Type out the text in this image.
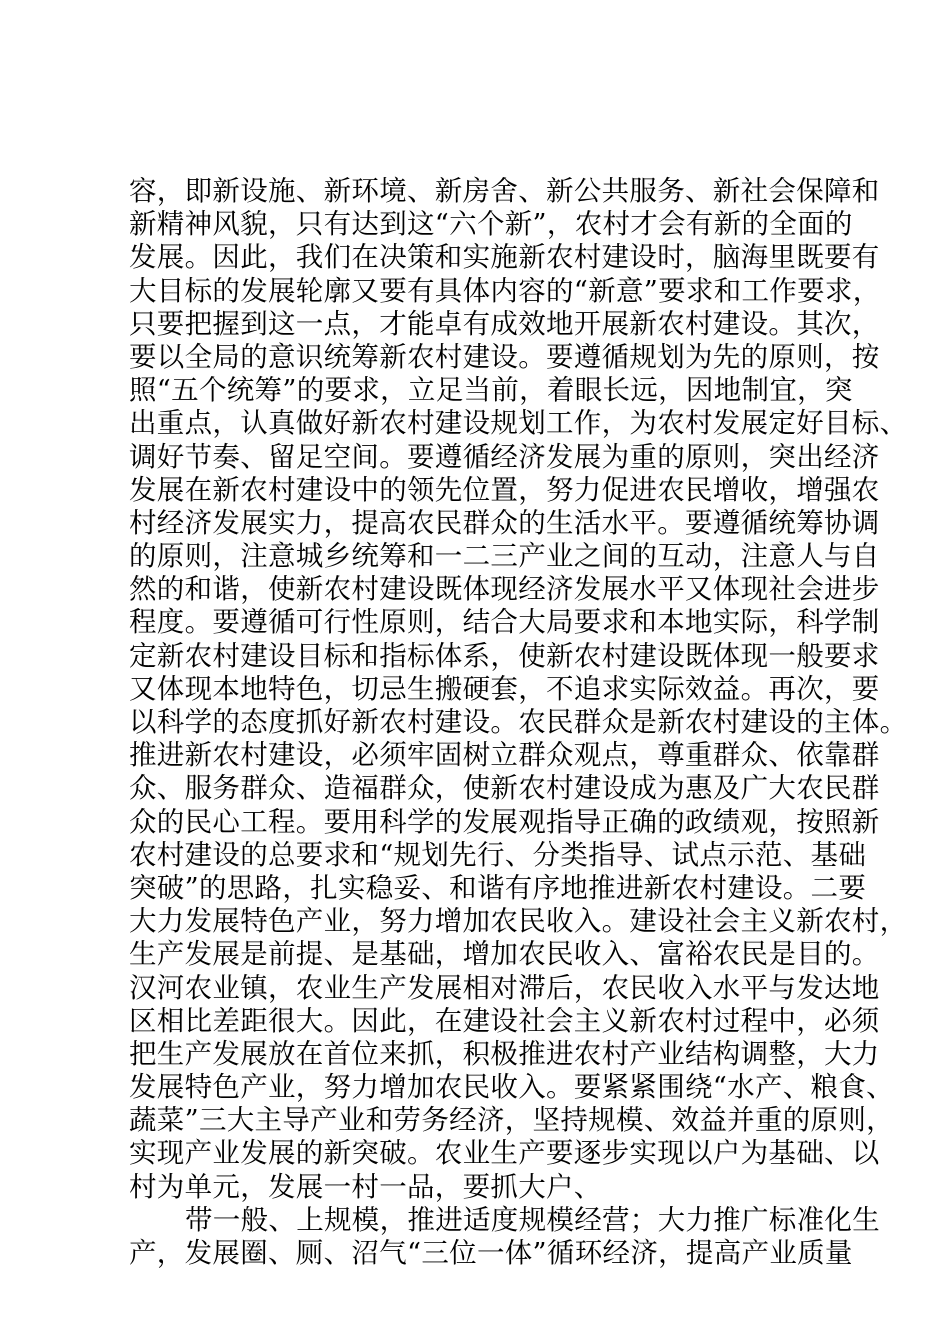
容，即新设施、新环境、新房舍、新公共服务、新社会保障和
新精神风貌，只有达到这“六个新”，农村才会有新的全面的
发展。因此，我们在决策和实施新农村建设时，脑海里既要有
大目标的发展轮廓又要有具体内容的“新意”要求和工作要求，
只要把握到这一点，才能卓有成效地开展新农村建设。其次，
要以全局的意识统筹新农村建设。要遵循规划为先的原则，按
照“五个统筹”的要求，立足当前，着眼长远，因地制宜，突
出重点，认真做好新农村建设规划工作，为农村发展定好目标、
调好节奏、留足空间。要遵循经济发展为重的原则，突出经济
发展在新农村建设中的领先位置，努力促进农民增收，增强农
村经济发展实力，提高农民群众的生活水平。要遵循统筹协调
的原则，注意城乡统筹和一二三产业之间的互动，注意人与自
然的和谐，使新农村建设既体现经济发展水平又体现社会进步
程度。要遵循可行性原则，结合大局要求和本地实际，科学制
定新农村建设目标和指标体系，使新农村建设既体现一般要求
又体现本地特色，切忌生搬硬套，不追求实际效益。再次，要
以科学的态度抓好新农村建设。农民群众是新农村建设的主体。
推进新农村建设，必须牢固树立群众观点，尊重群众、依靠群
众、服务群众、造福群众，使新农村建设成为惠及广大农民群
众的民心工程。要用科学的发展观指导正确的政绩观，按照新
农村建设的总要求和“规划先行、分类指导、试点示范、基础
突破”的思路，扎实稳妥、和谐有序地推进新农村建设。二要
大力发展特色产业，努力增加农民收入。建设社会主义新农村，
生产发展是前提、是基础，增加农民收入、富裕农民是目的。
汉河农业镇，农业生产发展相对滞后，农民收入水平与发达地
区相比差距很大。因此，在建设社会主义新农村过程中，必须
把生产发展放在首位来抓，积极推进农村产业结构调整，大力
发展特色产业，努力增加农民收入。要紧紧围绕“水产、粮食、
蔬菜”三大主导产业和劳务经济，坚持规模、效益并重的原则，
实现产业发展的新突破。农业生产要逐步实现以户为基础、以
村为单元，发展一村一品，要抓大户、
带一般、上规模，推进适度规模经营；大力推广标准化生
产，发展圈、厕、沼气“三位一体”循环经济，提高产业质量
